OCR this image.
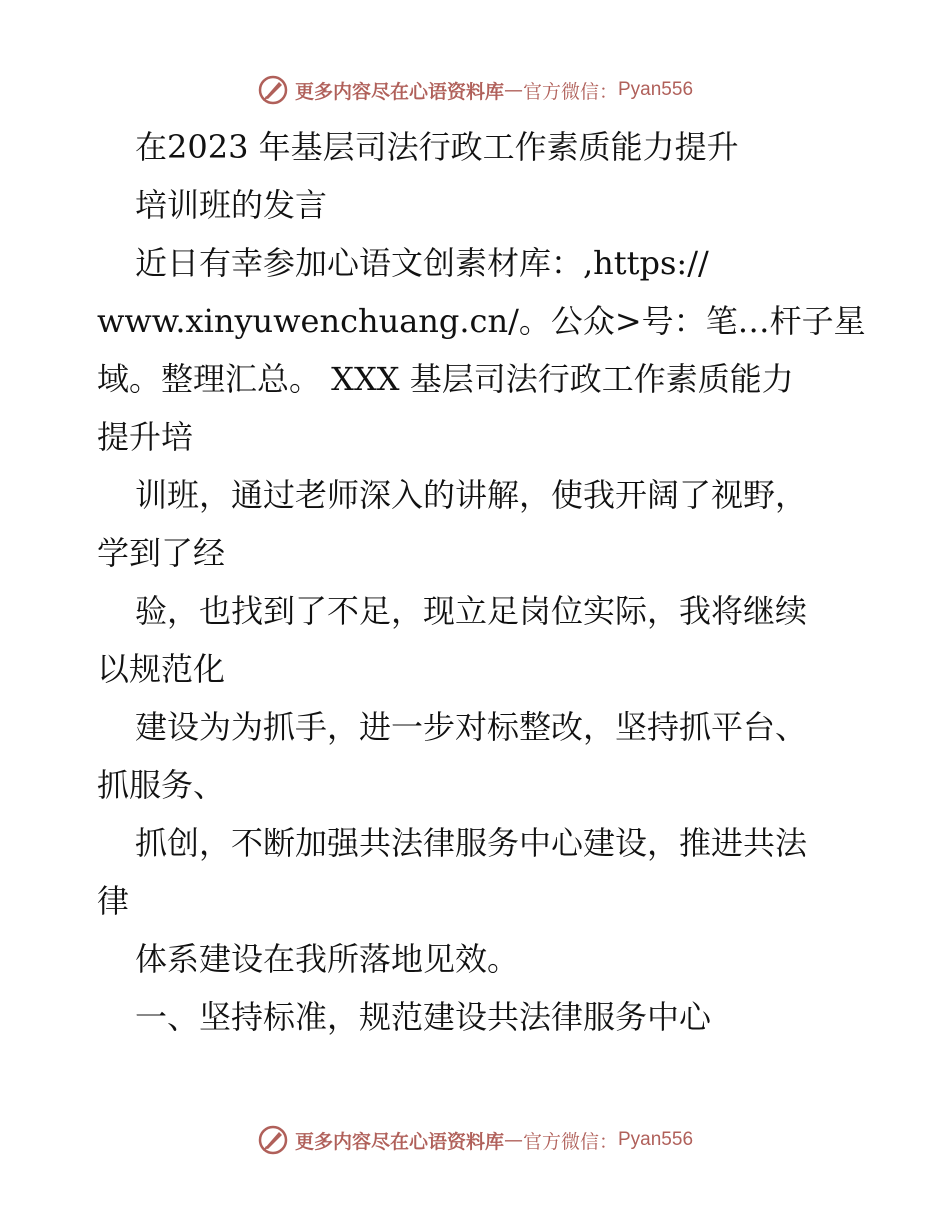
更多内容尽在心语资料库 — 官方微信： Pyan556
在2023 年基层司法行政工作素质能力提升
培训班的发言
近日有幸参加心语文创素材库：,https://
www.xinyuwenchuang.cn/。公众>号：笔…杆子星
域。整理汇总。 XXX 基层司法行政工作素质能力
提升培
训班，通过老师深入的讲解，使我开阔了视野，
学到了经
验，也找到了不足，现立足岗位实际，我将继续
以规范化
建设为为抓手，进一步对标整改，坚持抓平台、
抓服务、
抓创，不断加强共法律服务中心建设，推进共法
律
体系建设在我所落地见效。
一、坚持标准，规范建设共法律服务中心
更多内容尽在心语资料库 — 官方微信： Pyan556
